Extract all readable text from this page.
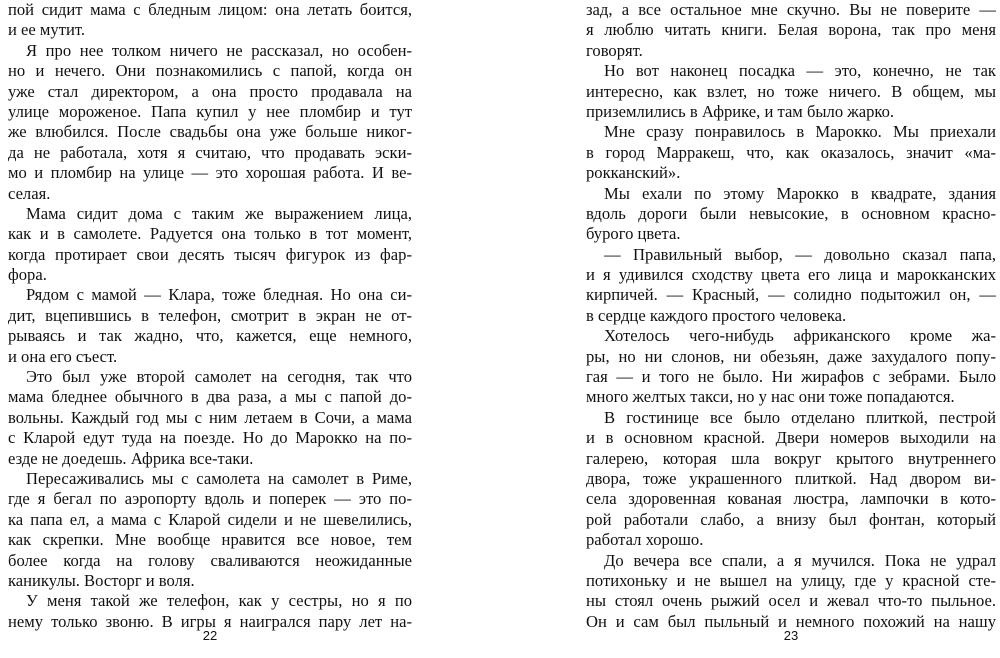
пой сидит мама с бледным лицом: она летать боится,
и ее мутит.
Я про нее толком ничего не рассказал, но особен-
но и нечего. Они познакомились с папой, когда он
уже стал директором, а она просто продавала на
улице мороженое. Папа купил у нее пломбир и тут
же влюбился. После свадьбы она уже больше никог-
да не работала, хотя я считаю, что продавать эски-
мо и пломбир на улице — это хорошая работа. И ве-
селая.
Мама сидит дома с таким же выражением лица,
как и в самолете. Радуется она только в тот момент,
когда протирает свои десять тысяч фигурок из фар-
фора.
Рядом с мамой — Клара, тоже бледная. Но она си-
дит, вцепившись в телефон, смотрит в экран не от-
рываясь и так жадно, что, кажется, еще немного,
и она его съест.
Это был уже второй самолет на сегодня, так что
мама бледнее обычного в два раза, а мы с папой до-
вольны. Каждый год мы с ним летаем в Сочи, а мама
с Кларой едут туда на поезде. Но до Марокко на по-
езде не доедешь. Африка все-таки.
Пересаживались мы с самолета на самолет в Риме,
где я бегал по аэропорту вдоль и поперек — это по-
ка папа ел, а мама с Кларой сидели и не шевелились,
как скрепки. Мне вообще нравится все новое, тем
более когда на голову сваливаются неожиданные
каникулы. Восторг и воля.
У меня такой же телефон, как у сестры, но я по
нему только звоню. В игры я наигрался пару лет на-
22
зад, а все остальное мне скучно. Вы не поверите —
я люблю читать книги. Белая ворона, так про меня
говорят.
Но вот наконец посадка — это, конечно, не так
интересно, как взлет, но тоже ничего. В общем, мы
приземлились в Африке, и там было жарко.
Мне сразу понравилось в Марокко. Мы приехали
в город Марракеш, что, как оказалось, значит «ма-
рокканский».
Мы ехали по этому Марокко в квадрате, здания
вдоль дороги были невысокие, в основном красно-
бурого цвета.
— Правильный выбор, — довольно сказал папа,
и я удивился сходству цвета его лица и марокканских
кирпичей. — Красный, — солидно подытожил он, —
в сердце каждого простого человека.
Хотелось чего-нибудь африканского кроме жа-
ры, но ни слонов, ни обезьян, даже захудалого попу-
гая — и того не было. Ни жирафов с зебрами. Было
много желтых такси, но у нас они тоже попадаются.
В гостинице все было отделано плиткой, пестрой
и в основном красной. Двери номеров выходили на
галерею, которая шла вокруг крытого внутреннего
двора, тоже украшенного плиткой. Над двором ви-
села здоровенная кованая люстра, лампочки в кото-
рой работали слабо, а внизу был фонтан, который
работал хорошо.
До вечера все спали, а я мучился. Пока не удрал
потихоньку и не вышел на улицу, где у красной сте-
ны стоял очень рыжий осел и жевал что-то пыльное.
Он и сам был пыльный и немного похожий на нашу
23
